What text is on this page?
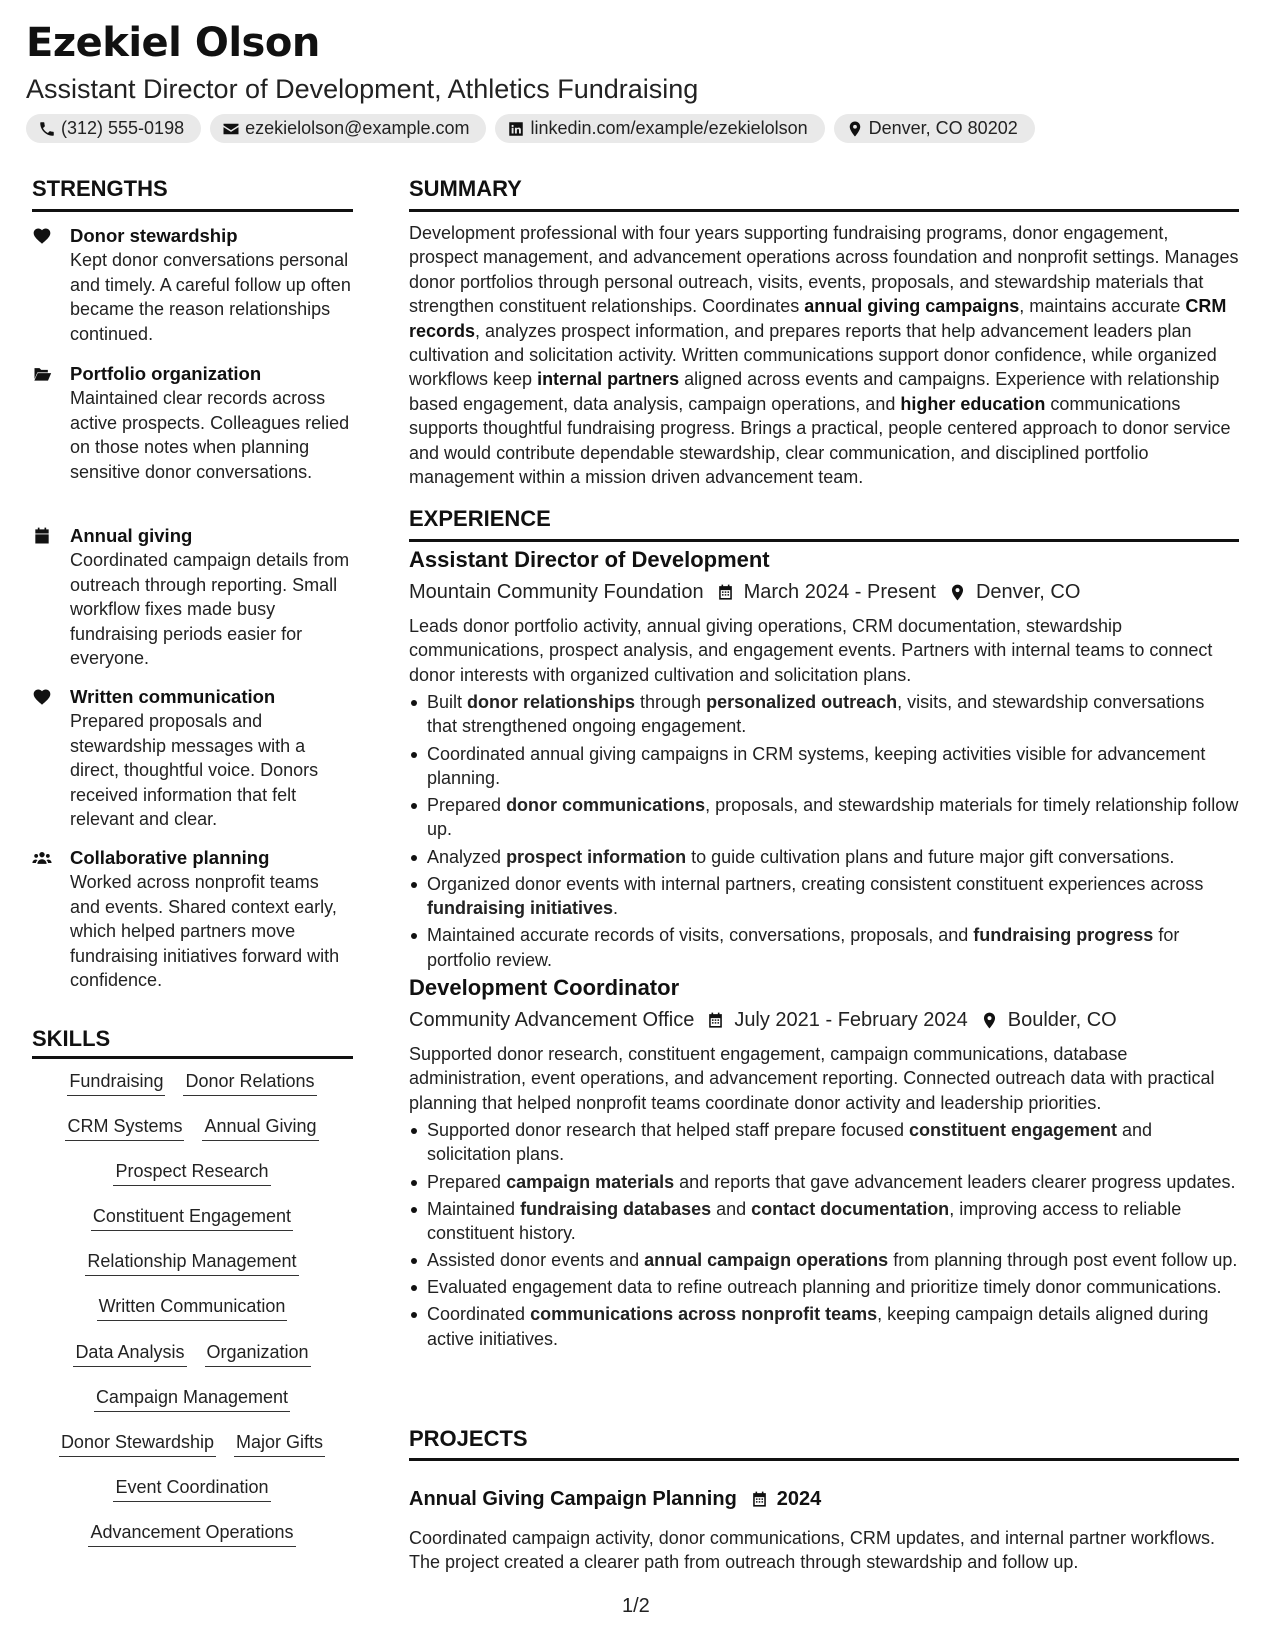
Ezekiel Olson
Assistant Director of Development, Athletics Fundraising
(312) 555-0198	ezekielolson@example.com	linkedin.com/example/ezekielolson	Denver, CO 80202
STRENGTHS
Donor stewardship
Kept donor conversations personal and timely. A careful follow up often became the reason relationships continued.
Portfolio organization
Maintained clear records across active prospects. Colleagues relied on those notes when planning sensitive donor conversations.
Annual giving
Coordinated campaign details from outreach through reporting. Small workflow fixes made busy fundraising periods easier for everyone.
Written communication
Prepared proposals and stewardship messages with a direct, thoughtful voice. Donors received information that felt relevant and clear.
Collaborative planning
Worked across nonprofit teams and events. Shared context early, which helped partners move fundraising initiatives forward with confidence.
SKILLS
Fundraising Donor Relations
CRM Systems Annual Giving
Prospect Research
Constituent Engagement
Relationship Management
Written Communication
Data Analysis Organization
Campaign Management
Donor Stewardship Major Gifts
Event Coordination
Advancement Operations
SUMMARY
Development professional with four years supporting fundraising programs, donor engagement, prospect management, and advancement operations across foundation and nonprofit settings. Manages donor portfolios through personal outreach, visits, events, proposals, and stewardship materials that strengthen constituent relationships. Coordinates annual giving campaigns, maintains accurate CRM records, analyzes prospect information, and prepares reports that help advancement leaders plan cultivation and solicitation activity. Written communications support donor confidence, while organized workflows keep internal partners aligned across events and campaigns. Experience with relationship based engagement, data analysis, campaign operations, and higher education communications supports thoughtful fundraising progress. Brings a practical, people centered approach to donor service and would contribute dependable stewardship, clear communication, and disciplined portfolio management within a mission driven advancement team.
EXPERIENCE
Assistant Director of Development
Mountain Community Foundation March 2024 - Present Denver, CO
Leads donor portfolio activity, annual giving operations, CRM documentation, stewardship communications, prospect analysis, and engagement events. Partners with internal teams to connect donor interests with organized cultivation and solicitation plans.
Built donor relationships through personalized outreach, visits, and stewardship conversations that strengthened ongoing engagement.
Coordinated annual giving campaigns in CRM systems, keeping activities visible for advancement planning.
Prepared donor communications, proposals, and stewardship materials for timely relationship follow up.
Analyzed prospect information to guide cultivation plans and future major gift conversations.
Organized donor events with internal partners, creating consistent constituent experiences across fundraising initiatives.
Maintained accurate records of visits, conversations, proposals, and fundraising progress for portfolio review.
Development Coordinator
Community Advancement Office July 2021 - February 2024 Boulder, CO
Supported donor research, constituent engagement, campaign communications, database administration, event operations, and advancement reporting. Connected outreach data with practical planning that helped nonprofit teams coordinate donor activity and leadership priorities.
Supported donor research that helped staff prepare focused constituent engagement and solicitation plans.
Prepared campaign materials and reports that gave advancement leaders clearer progress updates.
Maintained fundraising databases and contact documentation, improving access to reliable constituent history.
Assisted donor events and annual campaign operations from planning through post event follow up.
Evaluated engagement data to refine outreach planning and prioritize timely donor communications.
Coordinated communications across nonprofit teams, keeping campaign details aligned during active initiatives.
PROJECTS
Annual Giving Campaign Planning 2024
Coordinated campaign activity, donor communications, CRM updates, and internal partner workflows. The project created a clearer path from outreach through stewardship and follow up.
1/2
